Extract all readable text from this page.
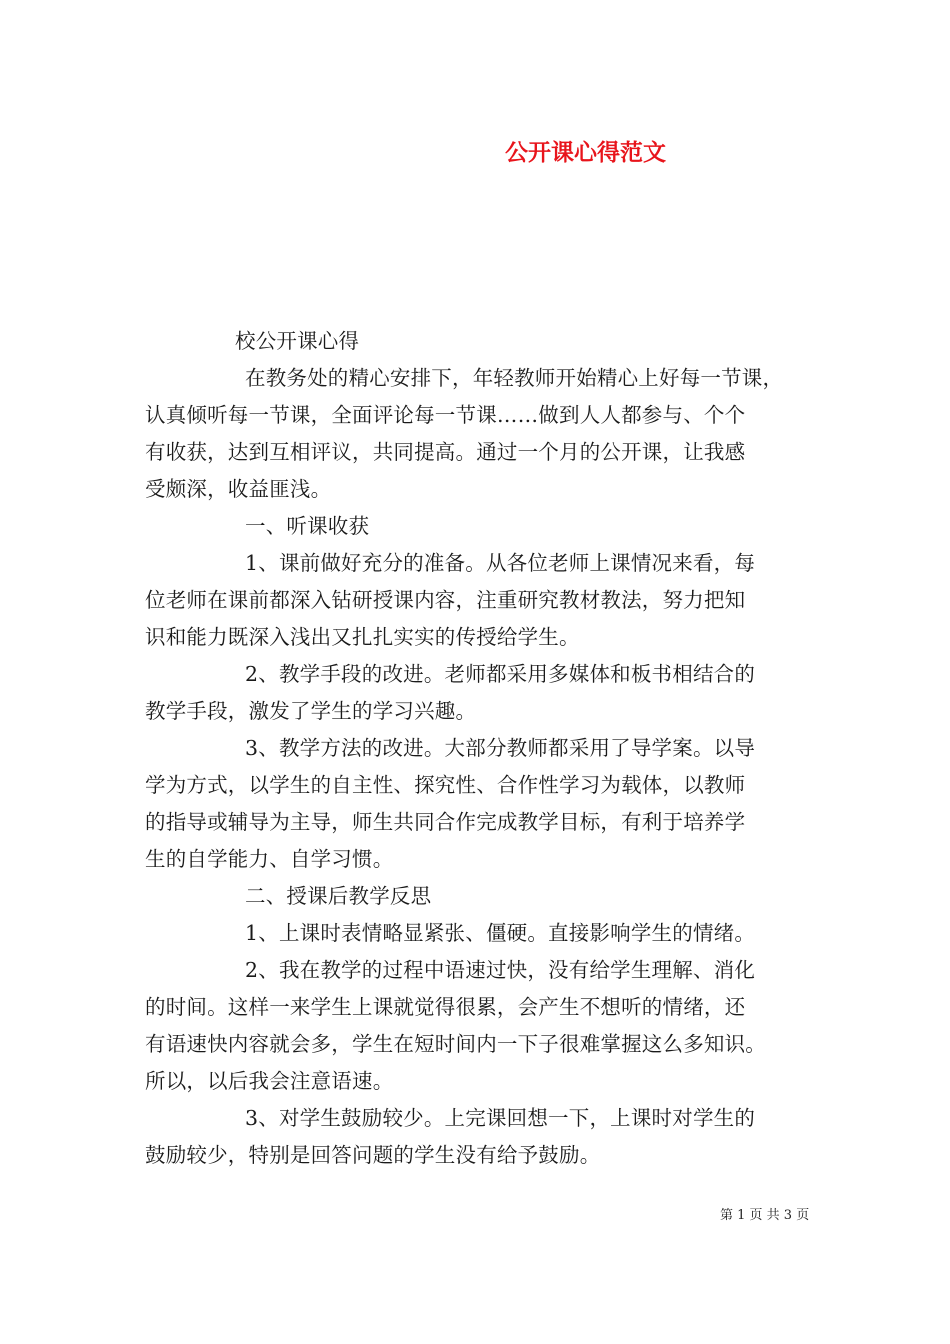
公开课心得范文
校公开课心得
在教务处的精心安排下，年轻教师开始精心上好每一节课，
认真倾听每一节课，全面评论每一节课……做到人人都参与、个个
有收获，达到互相评议，共同提高。通过一个月的公开课，让我感
受颇深，收益匪浅。
一、听课收获
1、课前做好充分的准备。从各位老师上课情况来看，每
位老师在课前都深入钻研授课内容，注重研究教材教法，努力把知
识和能力既深入浅出又扎扎实实的传授给学生。
2、教学手段的改进。老师都采用多媒体和板书相结合的
教学手段，激发了学生的学习兴趣。
3、教学方法的改进。大部分教师都采用了导学案。以导
学为方式，以学生的自主性、探究性、合作性学习为载体，以教师
的指导或辅导为主导，师生共同合作完成教学目标，有利于培养学
生的自学能力、自学习惯。
二、授课后教学反思
1、上课时表情略显紧张、僵硬。直接影响学生的情绪。
2、我在教学的过程中语速过快，没有给学生理解、消化
的时间。这样一来学生上课就觉得很累，会产生不想听的情绪，还
有语速快内容就会多，学生在短时间内一下子很难掌握这么多知识。
所以，以后我会注意语速。
3、对学生鼓励较少。上完课回想一下，上课时对学生的
鼓励较少，特别是回答问题的学生没有给予鼓励。
第 1 页 共 3 页
